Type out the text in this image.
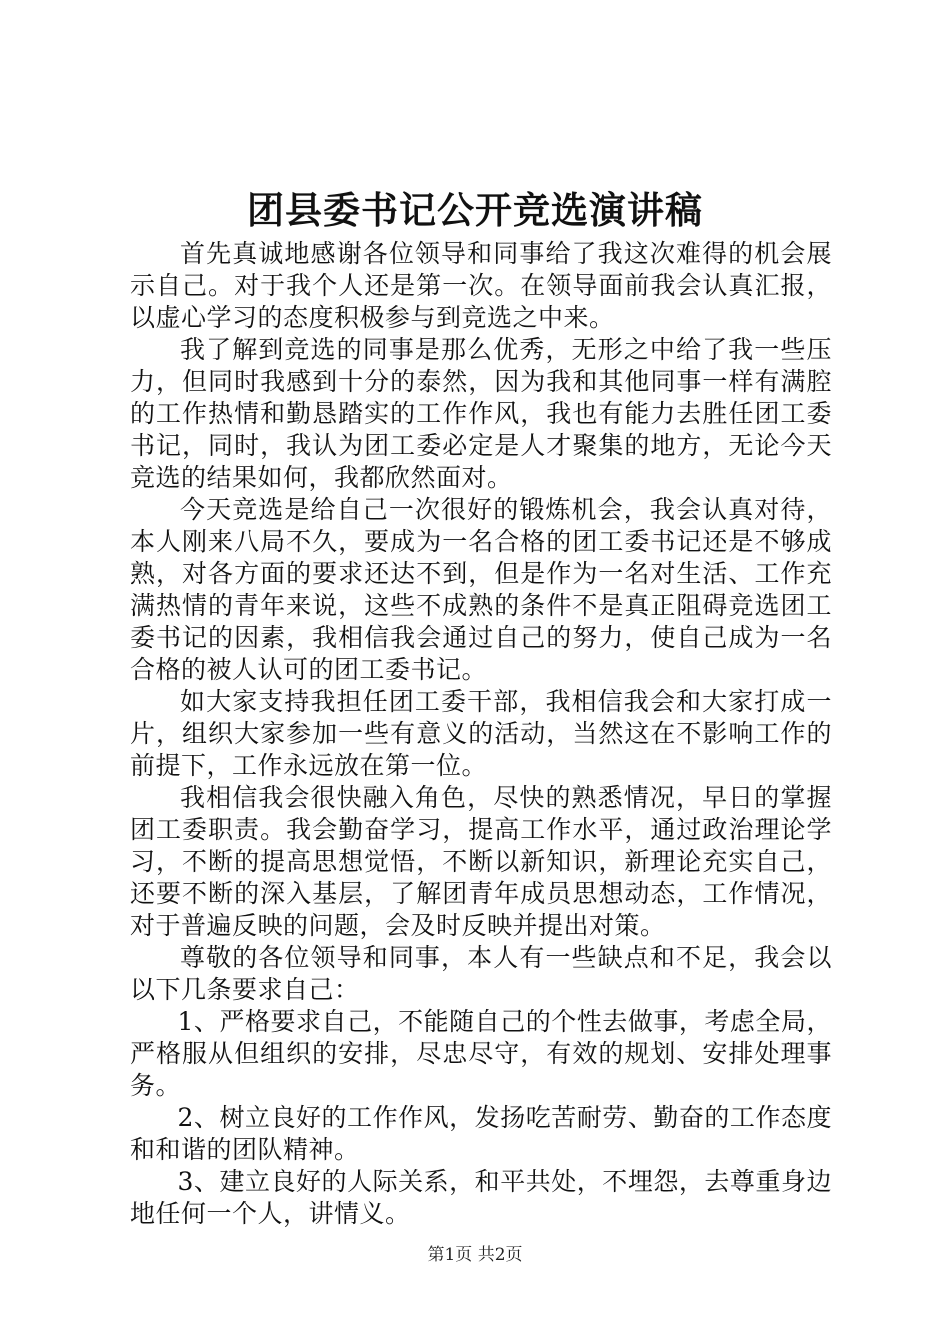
团县委书记公开竞选演讲稿

首先真诚地感谢各位领导和同事给了我这次难得的机会展示自己。对于我个人还是第一次。在领导面前我会认真汇报，以虚心学习的态度积极参与到竞选之中来。

我了解到竞选的同事是那么优秀，无形之中给了我一些压力，但同时我感到十分的泰然，因为我和其他同事一样有满腔的工作热情和勤恳踏实的工作作风，我也有能力去胜任团工委书记，同时，我认为团工委必定是人才聚集的地方，无论今天竞选的结果如何，我都欣然面对。

今天竞选是给自己一次很好的锻炼机会，我会认真对待，本人刚来八局不久，要成为一名合格的团工委书记还是不够成熟，对各方面的要求还达不到，但是作为一名对生活、工作充满热情的青年来说，这些不成熟的条件不是真正阻碍竞选团工委书记的因素，我相信我会通过自己的努力，使自己成为一名合格的被人认可的团工委书记。

如大家支持我担任团工委干部，我相信我会和大家打成一片，组织大家参加一些有意义的活动，当然这在不影响工作的前提下，工作永远放在第一位。

我相信我会很快融入角色，尽快的熟悉情况，早日的掌握团工委职责。我会勤奋学习，提高工作水平，通过政治理论学习，不断的提高思想觉悟，不断以新知识，新理论充实自己，还要不断的深入基层，了解团青年成员思想动态，工作情况，对于普遍反映的问题，会及时反映并提出对策。

尊敬的各位领导和同事，本人有一些缺点和不足，我会以以下几条要求自己：

1、严格要求自己，不能随自己的个性去做事，考虑全局，严格服从但组织的安排，尽忠尽守，有效的规划、安排处理事务。

2、树立良好的工作作风，发扬吃苦耐劳、勤奋的工作态度和和谐的团队精神。

3、建立良好的人际关系，和平共处，不埋怨，去尊重身边地任何一个人，讲情义。

第1页 共2页
